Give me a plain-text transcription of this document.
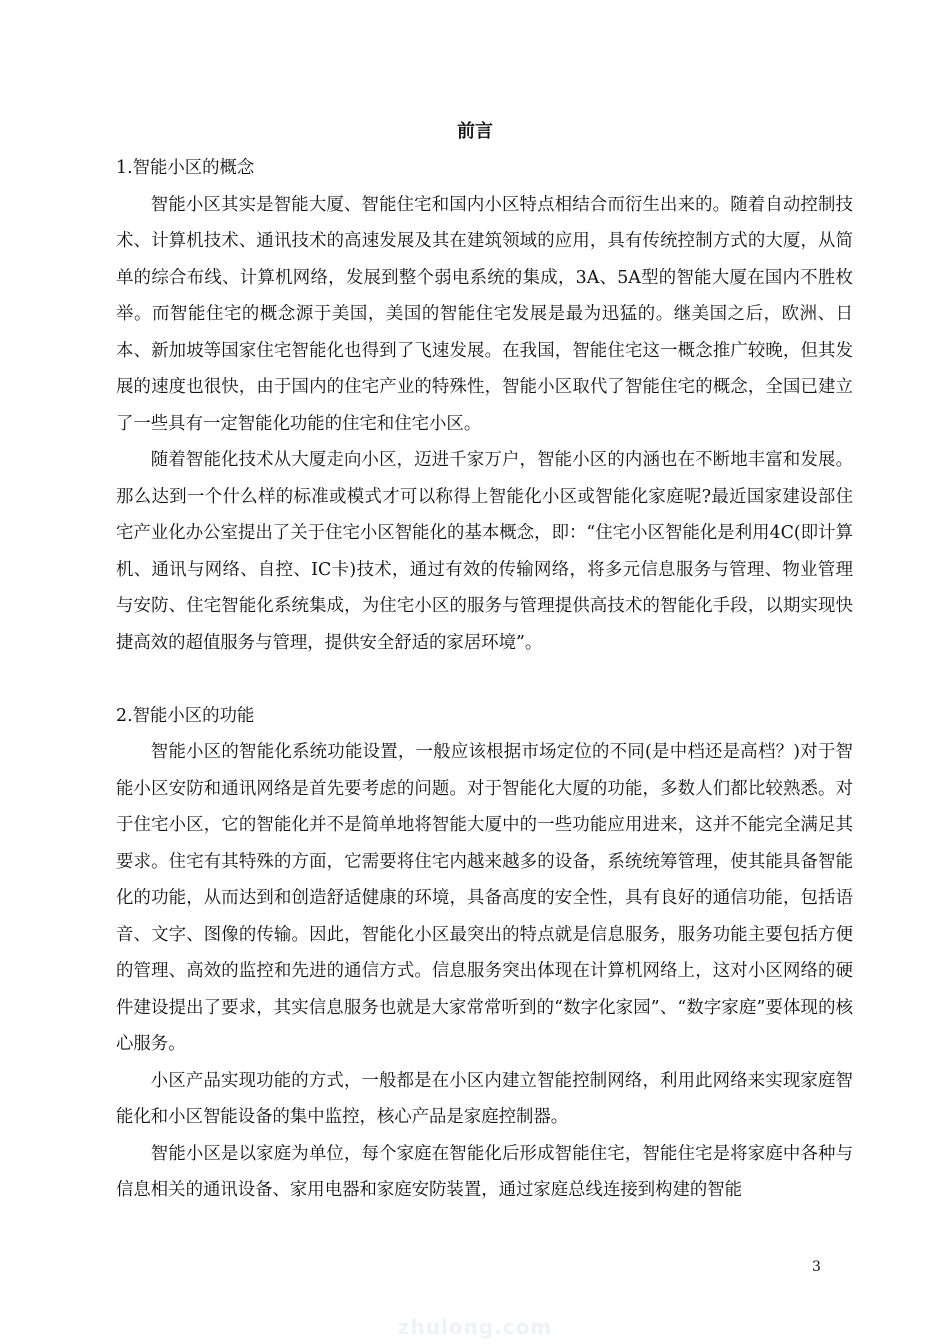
前言

1.智能小区的概念

智能小区其实是智能大厦、智能住宅和国内小区特点相结合而衍生出来的。随着自动控制技术、计算机技术、通讯技术的高速发展及其在建筑领域的应用，具有传统控制方式的大厦，从简单的综合布线、计算机网络，发展到整个弱电系统的集成，3A、5A型的智能大厦在国内不胜枚举。而智能住宅的概念源于美国，美国的智能住宅发展是最为迅猛的。继美国之后，欧洲、日本、新加坡等国家住宅智能化也得到了飞速发展。在我国，智能住宅这一概念推广较晚，但其发展的速度也很快，由于国内的住宅产业的特殊性，智能小区取代了智能住宅的概念，全国已建立了一些具有一定智能化功能的住宅和住宅小区。

随着智能化技术从大厦走向小区，迈进千家万户，智能小区的内涵也在不断地丰富和发展。那么达到一个什么样的标准或模式才可以称得上智能化小区或智能化家庭呢?最近国家建设部住宅产业化办公室提出了关于住宅小区智能化的基本概念，即：“住宅小区智能化是利用4C(即计算机、通讯与网络、自控、IC卡)技术，通过有效的传输网络，将多元信息服务与管理、物业管理与安防、住宅智能化系统集成，为住宅小区的服务与管理提供高技术的智能化手段，以期实现快捷高效的超值服务与管理，提供安全舒适的家居环境”。

2.智能小区的功能

智能小区的智能化系统功能设置，一般应该根据市场定位的不同(是中档还是高档？)对于智能小区安防和通讯网络是首先要考虑的问题。对于智能化大厦的功能，多数人们都比较熟悉。对于住宅小区，它的智能化并不是简单地将智能大厦中的一些功能应用进来，这并不能完全满足其要求。住宅有其特殊的方面，它需要将住宅内越来越多的设备，系统统筹管理，使其能具备智能化的功能，从而达到和创造舒适健康的环境，具备高度的安全性，具有良好的通信功能，包括语音、文字、图像的传输。因此，智能化小区最突出的特点就是信息服务，服务功能主要包括方便的管理、高效的监控和先进的通信方式。信息服务突出体现在计算机网络上，这对小区网络的硬件建设提出了要求，其实信息服务也就是大家常常听到的“数字化家园”、“数字家庭”要体现的核心服务。

小区产品实现功能的方式，一般都是在小区内建立智能控制网络，利用此网络来实现家庭智能化和小区智能设备的集中监控，核心产品是家庭控制器。

智能小区是以家庭为单位，每个家庭在智能化后形成智能住宅，智能住宅是将家庭中各种与信息相关的通讯设备、家用电器和家庭安防装置，通过家庭总线连接到构建的智能

3
zhulong.com
